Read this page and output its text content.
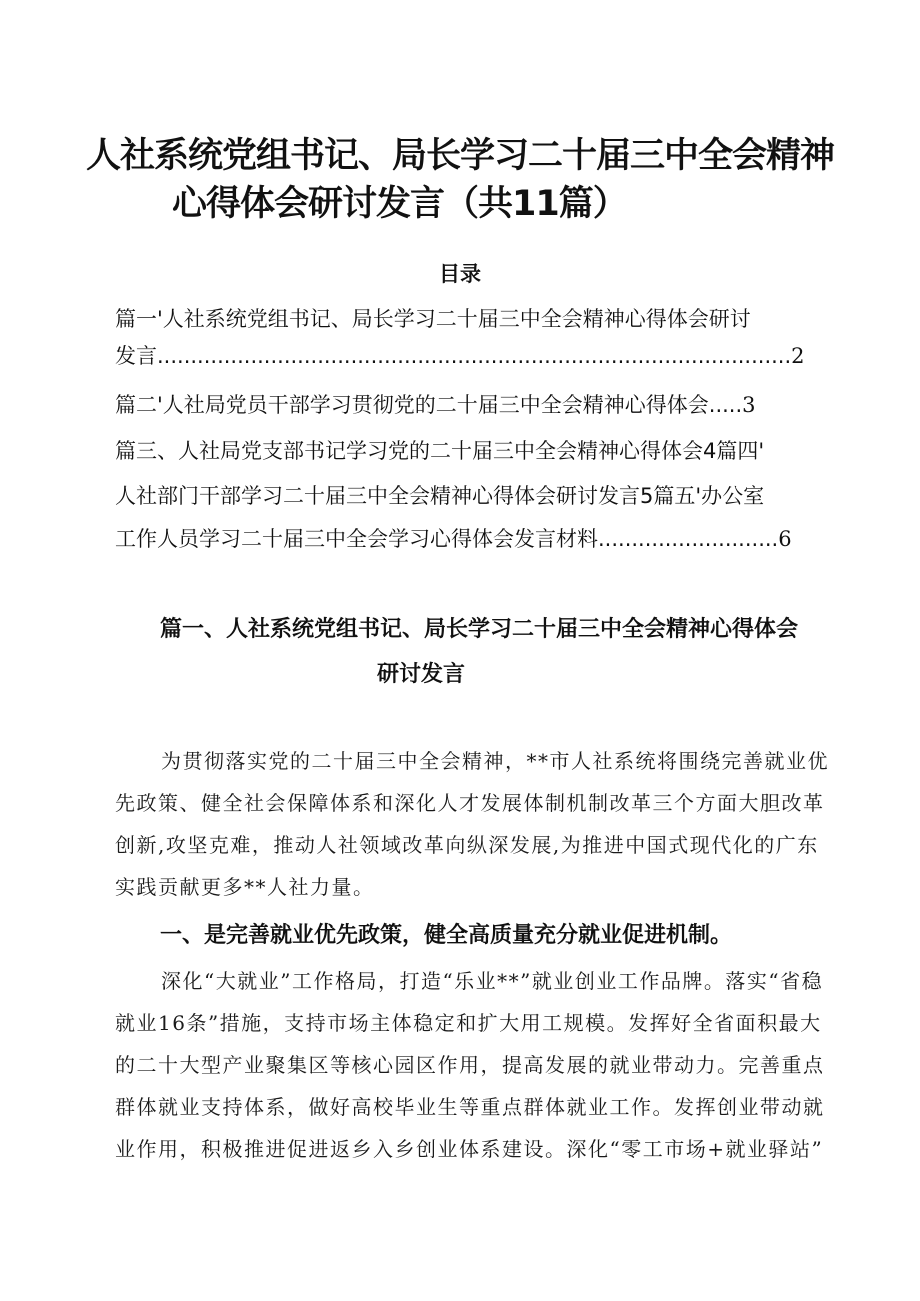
人社系统党组书记、局长学习二十届三中全会精神
心得体会研讨发言（共11篇）
目录
篇一'人社系统党组书记、局长学习二十届三中全会精神心得体会研讨
发言...............................................................................................2
篇二'人社局党员干部学习贯彻党的二十届三中全会精神心得体会.....3
篇三、人社局党支部书记学习党的二十届三中全会精神心得体会4篇四'
人社部门干部学习二十届三中全会精神心得体会研讨发言5篇五'办公室
工作人员学习二十届三中全会学习心得体会发言材料...........................6
篇一、人社系统党组书记、局长学习二十届三中全会精神心得体会
研讨发言

为贯彻落实党的二十届三中全会精神，**市人社系统将围绕完善就业优先政策、健全社会保障体系和深化人才发展体制机制改革三个方面大胆改革创新,攻坚克难，推动人社领域改革向纵深发展,为推进中国式现代化的广东实践贡献更多**人社力量。

一、是完善就业优先政策，健全高质量充分就业促进机制。

深化“大就业”工作格局，打造“乐业**”就业创业工作品牌。落实“省稳就业16条”措施，支持市场主体稳定和扩大用工规模。发挥好全省面积最大的二十大型产业聚集区等核心园区作用，提高发展的就业带动力。完善重点群体就业支持体系，做好高校毕业生等重点群体就业工作。发挥创业带动就业作用，积极推进促进返乡入乡创业体系建设。深化“零工市场+就业驿站”
